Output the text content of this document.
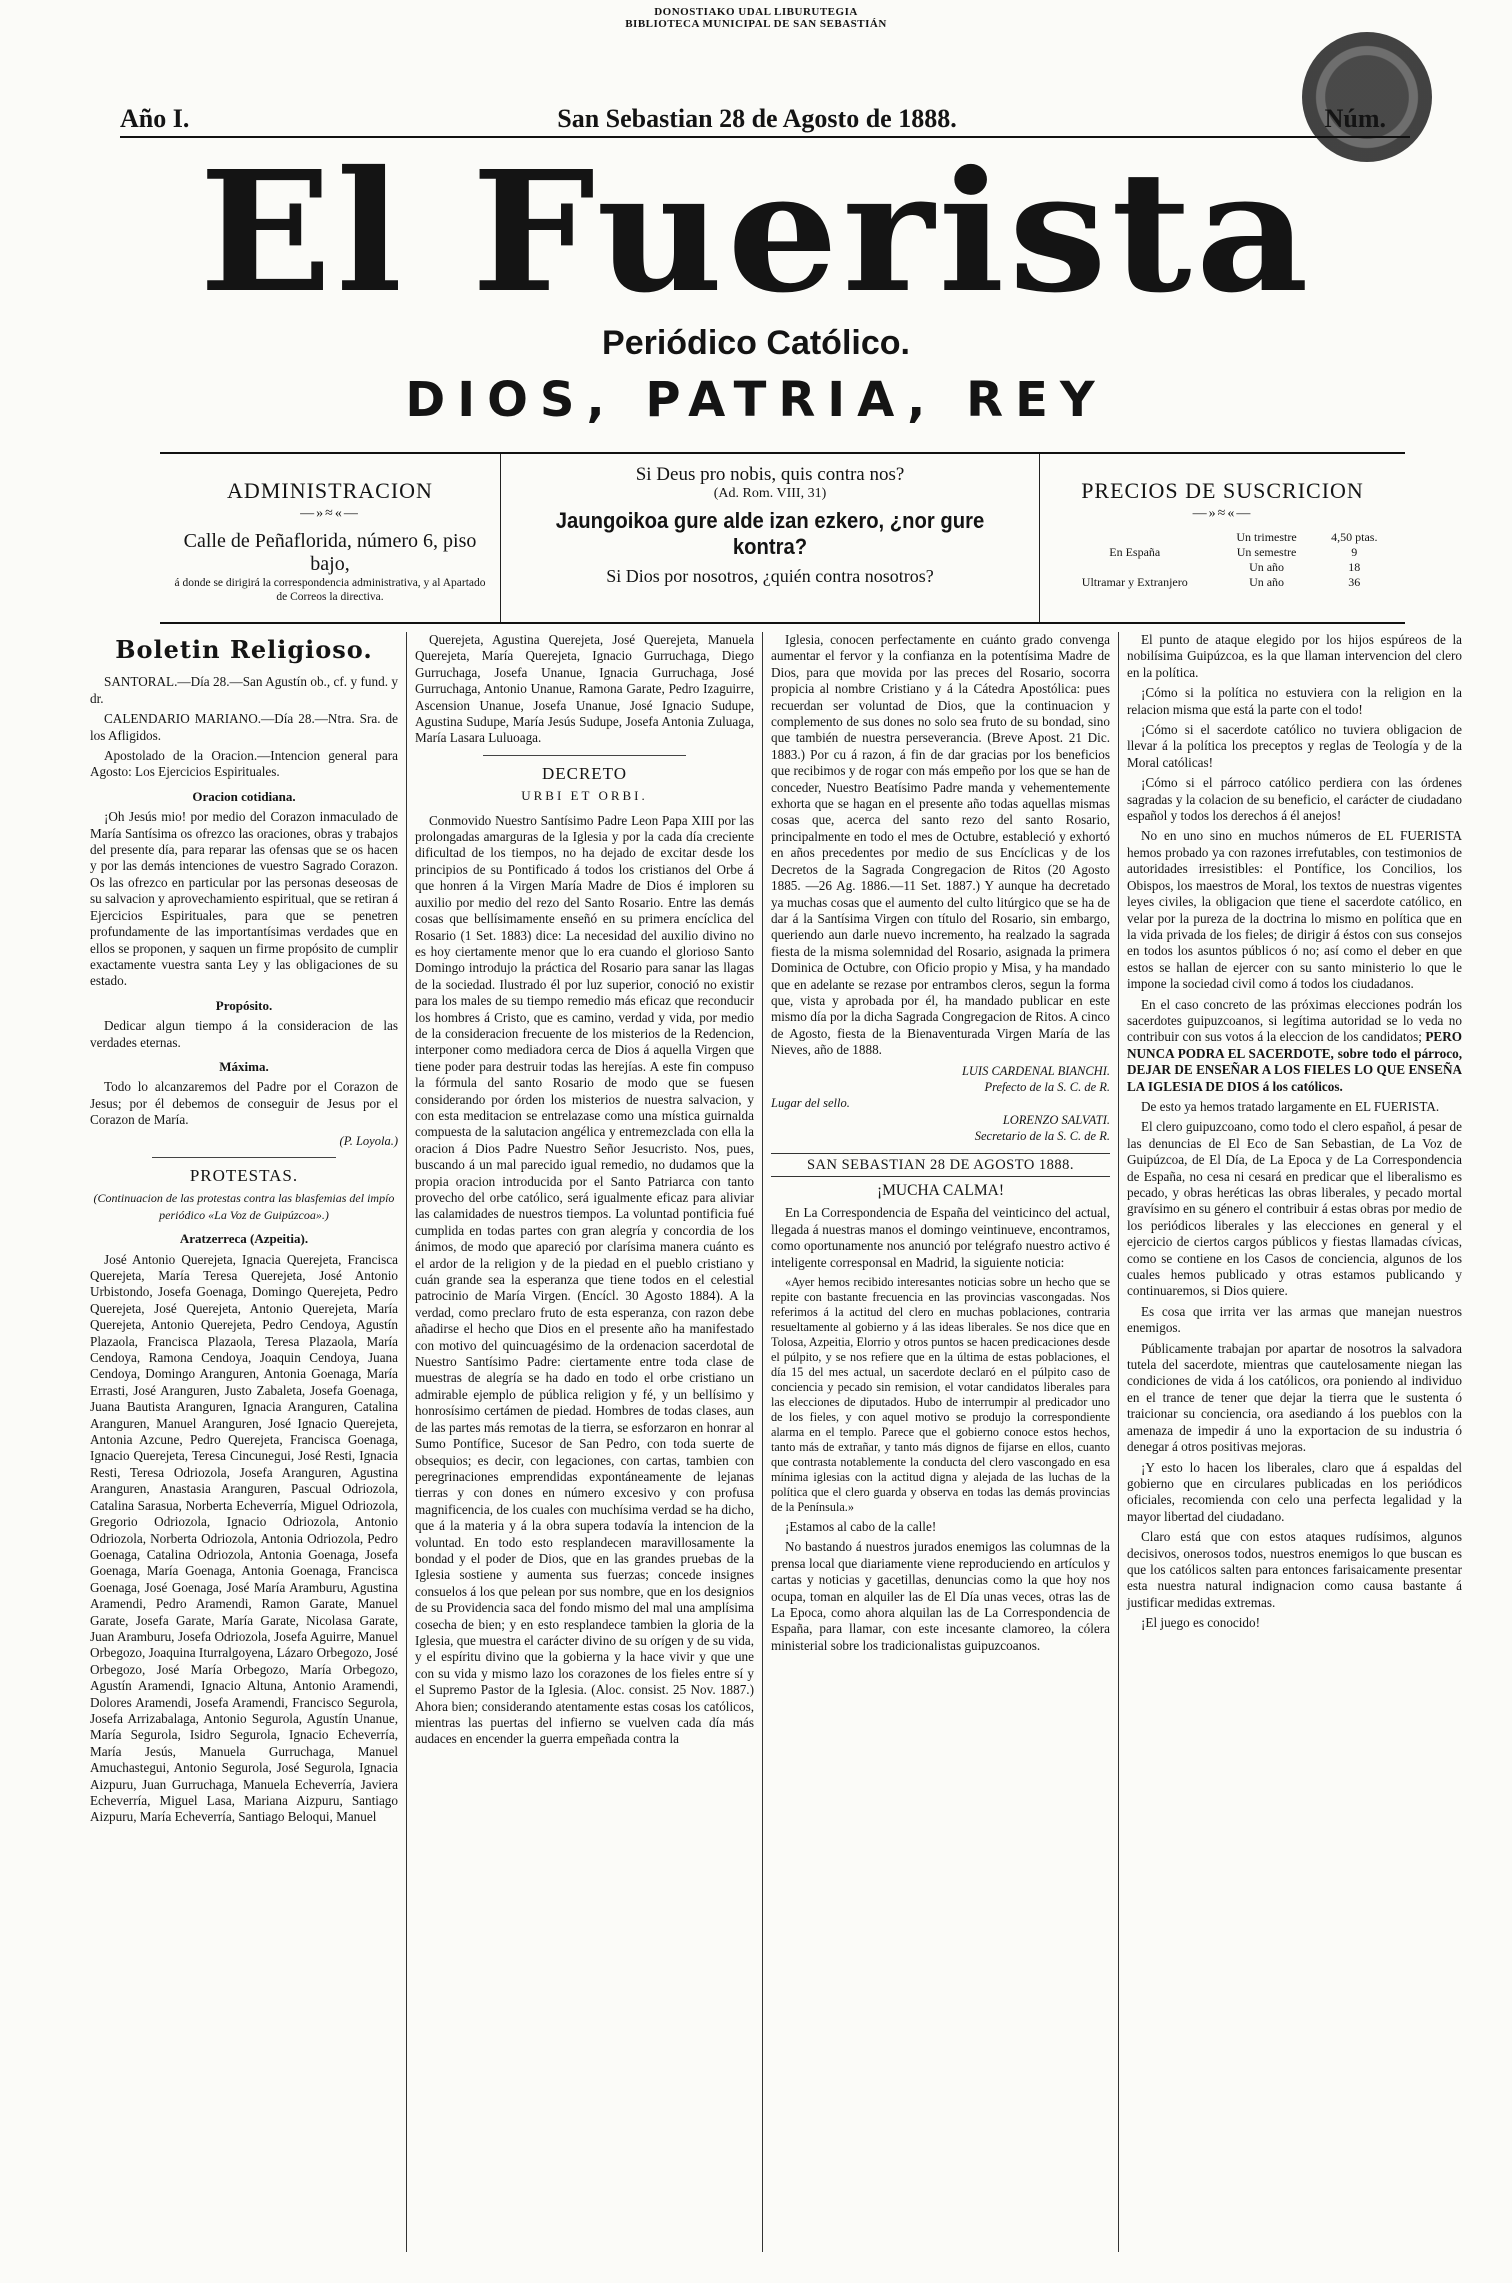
DONOSTIAKO UDAL LIBURUTEGIA
BIBLIOTECA MUNICIPAL DE SAN SEBASTIÁN
Año I.	San Sebastian 28 de Agosto de 1888.	Núm.
El Fuerista
Periódico Católico.
DIOS, PATRIA, REY
ADMINISTRACION
—»≈«—
Calle de Peñaflorida, número 6, piso bajo,
á donde se dirigirá la correspondencia administrativa, y al Apartado de Correos la directiva.
Si Deus pro nobis, quis contra nos?
(Ad. Rom. VIII, 31)
Jaungoikoa gure alde izan ezkero, ¿nor gure kontra?
Si Dios por nosotros, ¿quién contra nosotros?
PRECIOS DE SUSCRICION
—»≈«—
	Un trimestre	4,50 ptas.
En España	Un semestre	9
	Un año	18
Ultramar y Extranjero	Un año	36
Boletin Religioso.

SANTORAL.—Día 28.—San Agustín ob., cf. y fund. y dr.

CALENDARIO MARIANO.—Día 28.—Ntra. Sra. de los Afligidos.

Apostolado de la Oracion.—Intencion general para Agosto: Los Ejercicios Espirituales.

Oracion cotidiana.

¡Oh Jesús mio! por medio del Corazon inmaculado de María Santísima os ofrezco las oraciones, obras y trabajos del presente día, para reparar las ofensas que se os hacen y por las demás intenciones de vuestro Sagrado Corazon. Os las ofrezco en particular por las personas deseosas de su salvacion y aprovechamiento espiritual, que se retiran á Ejercicios Espirituales, para que se penetren profundamente de las importantísimas verdades que en ellos se proponen, y saquen un firme propósito de cumplir exactamente vuestra santa Ley y las obligaciones de su estado.

Propósito.

Dedicar algun tiempo á la consideracion de las verdades eternas.

Máxima.

Todo lo alcanzaremos del Padre por el Corazon de Jesus; por él debemos de conseguir de Jesus por el Corazon de María.

(P. Loyola.)
PROTESTAS.
(Continuacion de las protestas contra las blasfemias del impío periódico «La Voz de Guipúzcoa».)
Aratzerreca (Azpeitia).

José Antonio Querejeta, Ignacia Querejeta, Francisca Querejeta, María Teresa Querejeta, José Antonio Urbistondo, Josefa Goenaga, Domingo Querejeta, Pedro Querejeta, José Querejeta, Antonio Querejeta, María Querejeta, Antonio Querejeta, Pedro Cendoya, Agustín Plazaola, Francisca Plazaola, Teresa Plazaola, María Cendoya, Ramona Cendoya, Joaquin Cendoya, Juana Cendoya, Domingo Aranguren, Antonia Goenaga, María Errasti, José Aranguren, Justo Zabaleta, Josefa Goenaga, Juana Bautista Aranguren, Ignacia Aranguren, Catalina Aranguren, Manuel Aranguren, José Ignacio Querejeta, Antonia Azcune, Pedro Querejeta, Francisca Goenaga, Ignacio Querejeta, Teresa Cincunegui, José Resti, Ignacia Resti, Teresa Odriozola, Josefa Aranguren, Agustina Aranguren, Anastasia Aranguren, Pascual Odriozola, Catalina Sarasua, Norberta Echeverría, Miguel Odriozola, Gregorio Odriozola, Ignacio Odriozola, Antonio Odriozola, Norberta Odriozola, Antonia Odriozola, Pedro Goenaga, Catalina Odriozola, Antonia Goenaga, Josefa Goenaga, María Goenaga, Antonia Goenaga, Francisca Goenaga, José Goenaga, José María Aramburu, Agustina Aramendi, Pedro Aramendi, Ramon Garate, Manuel Garate, Josefa Garate, María Garate, Nicolasa Garate, Juan Aramburu, Josefa Odriozola, Josefa Aguirre, Manuel Orbegozo, Joaquina Iturralgoyena, Lázaro Orbegozo, José Orbegozo, José María Orbegozo, María Orbegozo, Agustín Aramendi, Ignacio Altuna, Antonio Aramendi, Dolores Aramendi, Josefa Aramendi, Francisco Segurola, Josefa Arrizabalaga, Antonio Segurola, Agustín Unanue, María Segurola, Isidro Segurola, Ignacio Echeverría, María Jesús, Manuela Gurruchaga, Manuel Amuchastegui, Antonio Segurola, José Segurola, Ignacia Aizpuru, Juan Gurruchaga, Manuela Echeverría, Javiera Echeverría, Miguel Lasa, Mariana Aizpuru, Santiago Aizpuru, María Echeverría, Santiago Beloqui, Manuel

Querejeta, Agustina Querejeta, José Querejeta, Manuela Querejeta, María Querejeta, Ignacio Gurruchaga, Diego Gurruchaga, Josefa Unanue, Ignacia Gurruchaga, José Gurruchaga, Antonio Unanue, Ramona Garate, Pedro Izaguirre, Ascension Unanue, Josefa Unanue, José Ignacio Sudupe, Agustina Sudupe, María Jesús Sudupe, Josefa Antonia Zuluaga, María Lasara Luluoaga.

DECRETO
URBI ET ORBI.

Conmovido Nuestro Santísimo Padre Leon Papa XIII por las prolongadas amarguras de la Iglesia y por la cada día creciente dificultad de los tiempos, no ha dejado de excitar desde los principios de su Pontificado á todos los cristianos del Orbe á que honren á la Virgen María Madre de Dios é imploren su auxilio por medio del rezo del Santo Rosario. Entre las demás cosas que bellísimamente enseñó en su primera encíclica del Rosario (1 Set. 1883) dice: La necesidad del auxilio divino no es hoy ciertamente menor que lo era cuando el glorioso Santo Domingo introdujo la práctica del Rosario para sanar las llagas de la sociedad. Ilustrado él por luz superior, conoció no existir para los males de su tiempo remedio más eficaz que reconducir los hombres á Cristo, que es camino, verdad y vida, por medio de la consideracion frecuente de los misterios de la Redencion, interponer como mediadora cerca de Dios á aquella Virgen que tiene poder para destruir todas las herejías. A este fin compuso la fórmula del santo Rosario de modo que se fuesen considerando por órden los misterios de nuestra salvacion, y con esta meditacion se entrelazase como una mística guirnalda compuesta de la salutacion angélica y entremezclada con ella la oracion á Dios Padre Nuestro Señor Jesucristo. Nos, pues, buscando á un mal parecido igual remedio, no dudamos que la propia oracion introducida por el Santo Patriarca con tanto provecho del orbe católico, será igualmente eficaz para aliviar las calamidades de nuestros tiempos. La voluntad pontificia fué cumplida en todas partes con gran alegría y concordia de los ánimos, de modo que apareció por clarísima manera cuánto es el ardor de la religion y de la piedad en el pueblo cristiano y cuán grande sea la esperanza que tiene todos en el celestial patrocinio de María Virgen. (Encícl. 30 Agosto 1884). A la verdad, como preclaro fruto de esta esperanza, con razon debe añadirse el hecho que Dios en el presente año ha manifestado con motivo del quincuagésimo de la ordenacion sacerdotal de Nuestro Santísimo Padre: ciertamente entre toda clase de muestras de alegría se ha dado en todo el orbe cristiano un admirable ejemplo de pública religion y fé, y un bellísimo y honrosísimo certámen de piedad. Hombres de todas clases, aun de las partes más remotas de la tierra, se esforzaron en honrar al Sumo Pontífice, Sucesor de San Pedro, con toda suerte de obsequios; es decir, con legaciones, con cartas, tambien con peregrinaciones emprendidas expontáneamente de lejanas tierras y con dones en número excesivo y con profusa magnificencia, de los cuales con muchísima verdad se ha dicho, que á la materia y á la obra supera todavía la intencion de la voluntad. En todo esto resplandecen maravillosamente la bondad y el poder de Dios, que en las grandes pruebas de la Iglesia sostiene y aumenta sus fuerzas; concede insignes consuelos á los que pelean por sus nombre, que en los designios de su Providencia saca del fondo mismo del mal una amplísima cosecha de bien; y en esto resplandece tambien la gloria de la Iglesia, que muestra el carácter divino de su orígen y de su vida, y el espíritu divino que la gobierna y la hace vivir y que une con su vida y mismo lazo los corazones de los fieles entre sí y el Supremo Pastor de la Iglesia. (Aloc. consist. 25 Nov. 1887.) Ahora bien; considerando atentamente estas cosas los católicos, mientras las puertas del infierno se vuelven cada día más audaces en encender la guerra empeñada contra la

Iglesia, conocen perfectamente en cuánto grado convenga aumentar el fervor y la confianza en la potentísima Madre de Dios, para que movida por las preces del Rosario, socorra propicia al nombre Cristiano y á la Cátedra Apostólica: pues recuerdan ser voluntad de Dios, que la continuacion y complemento de sus dones no solo sea fruto de su bondad, sino que también de nuestra perseverancia. (Breve Apost. 21 Dic. 1883.) Por cu á razon, á fin de dar gracias por los beneficios que recibimos y de rogar con más empeño por los que se han de conceder, Nuestro Beatísimo Padre manda y vehementemente exhorta que se hagan en el presente año todas aquellas mismas cosas que, acerca del santo rezo del santo Rosario, principalmente en todo el mes de Octubre, estableció y exhortó en años precedentes por medio de sus Encíclicas y de los Decretos de la Sagrada Congregacion de Ritos (20 Agosto 1885. —26 Ag. 1886.—11 Set. 1887.) Y aunque ha decretado ya muchas cosas que el aumento del culto litúrgico que se ha de dar á la Santísima Virgen con título del Rosario, sin embargo, queriendo aun darle nuevo incremento, ha realzado la sagrada fiesta de la misma solemnidad del Rosario, asignada la primera Dominica de Octubre, con Oficio propio y Misa, y ha mandado que en adelante se rezase por entrambos cleros, segun la forma que, vista y aprobada por él, ha mandado publicar en este mismo día por la dicha Sagrada Congregacion de Ritos. A cinco de Agosto, fiesta de la Bienaventurada Virgen María de las Nieves, año de 1888.

LUIS CARDENAL BIANCHI.
Prefecto de la S. C. de R.
Lugar del sello.
LORENZO SALVATI.
Secretario de la S. C. de R.
SAN SEBASTIAN 28 DE AGOSTO 1888.
¡MUCHA CALMA!

En La Correspondencia de España del veinticinco del actual, llegada á nuestras manos el domingo veintinueve, encontramos, como oportunamente nos anunció por telégrafo nuestro activo é inteligente corresponsal en Madrid, la siguiente noticia:

«Ayer hemos recibido interesantes noticias sobre un hecho que se repite con bastante frecuencia en las provincias vascongadas. Nos referimos á la actitud del clero en muchas poblaciones, contraria resueltamente al gobierno y á las ideas liberales. Se nos dice que en Tolosa, Azpeitia, Elorrio y otros puntos se hacen predicaciones desde el púlpito, y se nos refiere que en la última de estas poblaciones, el día 15 del mes actual, un sacerdote declaró en el púlpito caso de conciencia y pecado sin remision, el votar candidatos liberales para las elecciones de diputados. Hubo de interrumpir al predicador uno de los fieles, y con aquel motivo se produjo la correspondiente alarma en el templo. Parece que el gobierno conoce estos hechos, tanto más de extrañar, y tanto más dignos de fijarse en ellos, cuanto que contrasta notablemente la conducta del clero vascongado en esa mínima iglesias con la actitud digna y alejada de las luchas de la política que el clero guarda y observa en todas las demás provincias de la Península.»

¡Estamos al cabo de la calle!

No bastando á nuestros jurados enemigos las columnas de la prensa local que diariamente viene reproduciendo en artículos y cartas y noticias y gacetillas, denuncias como la que hoy nos ocupa, toman en alquiler las de El Día unas veces, otras las de La Epoca, como ahora alquilan las de La Correspondencia de España, para llamar, con este incesante clamoreo, la cólera ministerial sobre los tradicionalistas guipuzcoanos.

El punto de ataque elegido por los hijos espúreos de la nobilísima Guipúzcoa, es la que llaman intervencion del clero en la política.

¡Cómo si la política no estuviera con la religion en la relacion misma que está la parte con el todo!

¡Cómo si el sacerdote católico no tuviera obligacion de llevar á la política los preceptos y reglas de Teología y de la Moral católicas!

¡Cómo si el párroco católico perdiera con las órdenes sagradas y la colacion de su beneficio, el carácter de ciudadano español y todos los derechos á él anejos!

No en uno sino en muchos números de EL FUERISTA hemos probado ya con razones irrefutables, con testimonios de autoridades irresistibles: el Pontífice, los Concilios, los Obispos, los maestros de Moral, los textos de nuestras vigentes leyes civiles, la obligacion que tiene el sacerdote católico, en velar por la pureza de la doctrina lo mismo en política que en la vida privada de los fieles; de dirigir á éstos con sus consejos en todos los asuntos públicos ó no; así como el deber en que estos se hallan de ejercer con su santo ministerio lo que le impone la sociedad civil como á todos los ciudadanos.

En el caso concreto de las próximas elecciones podrán los sacerdotes guipuzcoanos, si legítima autoridad se lo veda no contribuir con sus votos á la eleccion de los candidatos; PERO NUNCA PODRA EL SACERDOTE, sobre todo el párroco, DEJAR DE ENSEÑAR A LOS FIELES LO QUE ENSEÑA LA IGLESIA DE DIOS á los católicos.

De esto ya hemos tratado largamente en EL FUERISTA.

El clero guipuzcoano, como todo el clero español, á pesar de las denuncias de El Eco de San Sebastian, de La Voz de Guipúzcoa, de El Día, de La Epoca y de La Correspondencia de España, no cesa ni cesará en predicar que el liberalismo es pecado, y obras heréticas las obras liberales, y pecado mortal gravísimo en su género el contribuir á estas obras por medio de los periódicos liberales y las elecciones en general y el ejercicio de ciertos cargos públicos y fiestas llamadas cívicas, como se contiene en los Casos de conciencia, algunos de los cuales hemos publicado y otras estamos publicando y continuaremos, si Dios quiere.

Es cosa que irrita ver las armas que manejan nuestros enemigos.

Públicamente trabajan por apartar de nosotros la salvadora tutela del sacerdote, mientras que cautelosamente niegan las condiciones de vida á los católicos, ora poniendo al individuo en el trance de tener que dejar la tierra que le sustenta ó traicionar su conciencia, ora asediando á los pueblos con la amenaza de impedir á uno la exportacion de su industria ó denegar á otros positivas mejoras.

¡Y esto lo hacen los liberales, claro que á espaldas del gobierno que en circulares publicadas en los periódicos oficiales, recomienda con celo una perfecta legalidad y la mayor libertad del ciudadano.

Claro está que con estos ataques rudísimos, algunos decisivos, onerosos todos, nuestros enemigos lo que buscan es que los católicos salten para entonces farisaicamente presentar esta nuestra natural indignacion como causa bastante á justificar medidas extremas.

¡El juego es conocido!
